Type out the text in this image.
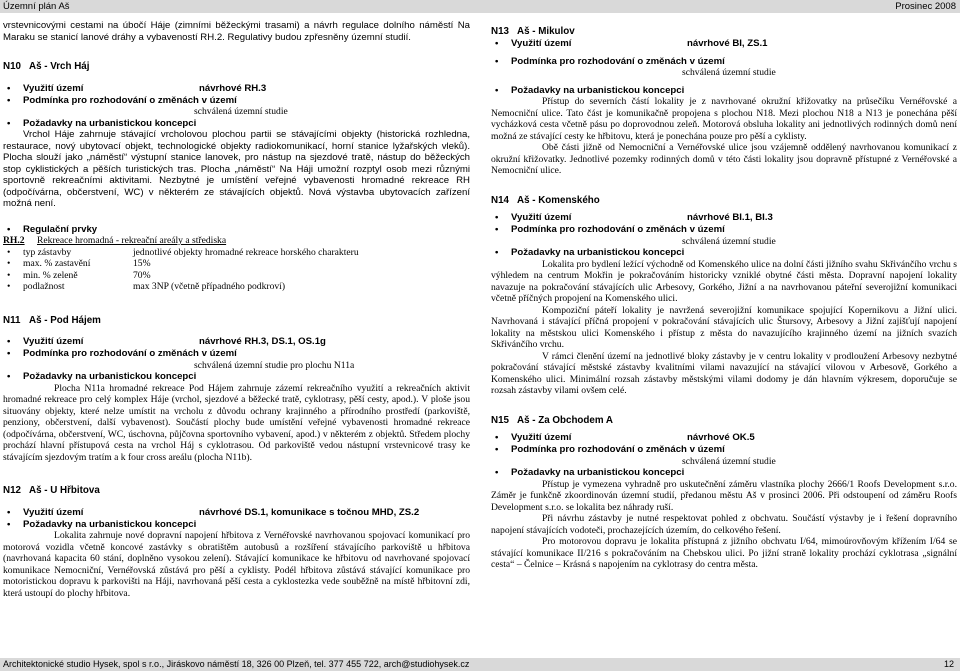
Územní plán Aš	Prosinec 2008

vrstevnicovými cestami na úbočí Háje (zimními běžeckými trasami) a návrh regulace dolního náměstí Na Maraku se stanicí lanové dráhy a vybaveností RH.2. Regulativy budou zpřesněny územní studií.

N10 Aš - Vrch Háj
• Využití území	návrhové RH.3
• Podmínka pro rozhodování o změnách v území
schválená územní studie
• Požadavky na urbanistickou koncepci

Vrchol Háje zahrnuje stávající vrcholovou plochou partii se stávajícími objekty (historická rozhledna, restaurace, nový ubytovací objekt, technologické objekty radiokomunikací, horní stanice lyžařských vleků). Plocha slouží jako „náměstí“ výstupní stanice lanovek, pro nástup na sjezdové tratě, nástup do běžeckých stop cyklistických a pěších turistických tras. Plocha „náměstí“ Na Háji umožní rozptyl osob mezi různými sportovně rekreačními aktivitami. Nezbytné je umístění veřejné vybavenosti hromadné rekreace RH (odpočívárna, občerstvení, WC) v některém ze stávajících objektů. Nová výstavba ubytovacích zařízení možná není.

• Regulační prvky
RH.2 Rekreace hromadná - rekreační areály a střediska
• typ zástavby	jednotlivé objekty hromadné rekreace horského charakteru
• max. % zastavění	15%
• min. % zeleně	70%
• podlažnost	max 3NP (včetně případného podkroví)
N11 Aš - Pod Hájem
• Využití území	návrhové RH.3, DS.1, OS.1g
• Podmínka pro rozhodování o změnách v území
schválená územní studie pro plochu N11a
• Požadavky na urbanistickou koncepci

Plocha N11a hromadné rekreace Pod Hájem zahrnuje zázemí rekreačního využití a rekreačních aktivit hromadné rekreace pro celý komplex Háje (vrchol, sjezdové a běžecké tratě, cyklotrasy, pěší cesty, apod.). V ploše jsou situovány objekty, které nelze umístit na vrcholu z důvodu ochrany krajinného a přírodního prostředí (parkoviště, penziony, občerstvení, další vybavenost). Součástí plochy bude umístění veřejné vybavenosti hromadné rekreace (odpočívárna, občerstvení, WC, úschovna, půjčovna sportovního vybavení, apod.) v některém z objektů. Středem plochy prochází hlavní přístupová cesta na vrchol Háj s cyklotrasou. Od parkoviště vedou nástupní vrstevnicové trasy ke stávajícím sjezdovým tratím a k four cross areálu (plocha N11b).

N12 Aš - U Hřbitova
• Využití území	návrhové DS.1, komunikace s točnou MHD, ZS.2
• Požadavky na urbanistickou koncepci

Lokalita zahrnuje nové dopravní napojení hřbitova z Vernéřovské navrhovanou spojovací komunikací pro motorová vozidla včetně koncové zastávky s obratištěm autobusů a rozšíření stávajícího parkoviště u hřbitova (navrhovaná kapacita 60 stání, doplněno vysokou zelení). Stávající komunikace ke hřbitovu od navrhované spojovací komunikace Nemocniční, Vernéřovská zůstává pro pěší a cyklisty. Podél hřbitova zůstává stávající komunikace pro motoristickou dopravu k parkovišti na Háji, navrhovaná pěší cesta a cyklostezka vede souběžně na místě hřbitovní zdi, která ustoupí do plochy hřbitova.

N13 Aš - Mikulov
• Využití území	návrhové BI, ZS.1
• Podmínka pro rozhodování o změnách v území
schválená územní studie
• Požadavky na urbanistickou koncepci

Přístup do severních částí lokality je z navrhované okružní křižovatky na průsečíku Vernéřovské a Nemocniční ulice. Tato část je komunikačně propojena s plochou N18. Mezi plochou N18 a N13 je ponechána pěší vycházková cesta včetně pásu po doprovodnou zeleň. Motorová obsluha lokality ani jednotlivých rodinných domů není možná ze stávající cesty ke hřbitovu, která je ponechána pouze pro pěší a cyklisty.

Obě části jižně od Nemocniční a Vernéřovské ulice jsou vzájemně oddělený navrhovanou komunikací z okružní křižovatky. Jednotlivé pozemky rodinných domů v této části lokality jsou dopravně přístupné z Vernéřovské a Nemocniční ulice.

N14 Aš - Komenského
• Využití území	návrhové BI.1, BI.3
• Podmínka pro rozhodování o změnách v území
schválená územní studie
• Požadavky na urbanistickou koncepci

Lokalita pro bydlení ležící východně od Komenského ulice na dolní části jižního svahu Skřivánčího vrchu s výhledem na centrum Mokřin je pokračováním historicky vzniklé obytné části města. Dopravní napojení lokality navazuje na pokračování stávajících ulic Arbesovy, Gorkého, Jižní a na navrhovanou páteřní severojižní komunikaci včetně příčných propojení na Komenského ulici.

Kompoziční páteří lokality je navržená severojižní komunikace spojující Kopernikovu a Jižní ulici. Navrhovaná i stávající příčná propojení v pokračování stávajících ulic Štursovy, Arbesovy a Jižní zajišťují napojení lokality na městskou ulici Komenského i přístup z města do navazujícího krajinného území na jižních svazích Skřivánčího vrchu.

V rámci členění území na jednotlivé bloky zástavby je v centru lokality v prodloužení Arbesovy nezbytné pokračování stávající městské zástavby kvalitními vilami navazující na stávající vilovou v Arbesově, Gorkého a Komenského ulici. Minimální rozsah zástavby městskými vilami dodomy je dán hlavním výkresem, doporučuje se rozsah zástavby vilami ovšem celé.

N15 Aš - Za Obchodem A
• Využití území	návrhové OK.5
• Podmínka pro rozhodování o změnách v území
schválená územní studie
• Požadavky na urbanistickou koncepci

Přístup je vymezena vyhradně pro uskutečnění záměru vlastníka plochy 2666/1 Roofs Development s.r.o. Záměr je funkčně zkoordinován územní studií, předanou městu Aš v prosinci 2006. Při odstoupení od záměru Roofs Development s.r.o. se lokalita bez náhrady ruší.

Při návrhu zástavby je nutné respektovat pohled z obchvatu. Součástí výstavby je i řešení dopravního napojení stávajících vodoteči, prochazejících územím, do celkového řešení.

Pro motorovou dopravu je lokalita přístupná z jižního obchvatu I/64, mimoúrovňovým křížením I/64 se stávající komunikace II/216 s pokračováním na Chebskou ulici. Po jižní straně lokality prochází cyklotrasa „signální cesta“ – Čelnice – Krásná s napojením na cyklotrasy do centra města.

Architektonické studio Hysek, spol s r.o., Jiráskovo náměstí 18, 326 00 Plzeň, tel. 377 455 722, arch@studiohysek.cz	12
